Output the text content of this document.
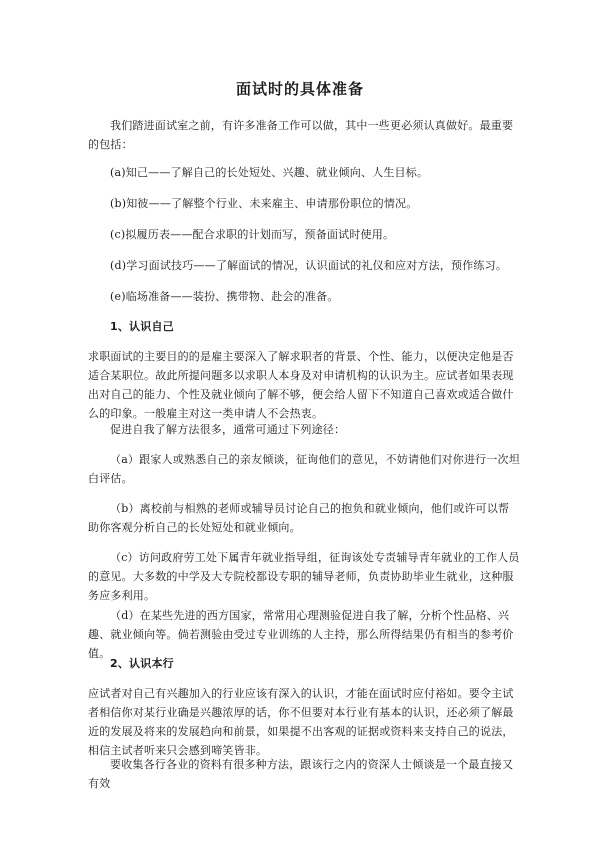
面试时的具体准备

我们踏进面试室之前，有许多准备工作可以做，其中一些更必须认真做好。最重要的包括：

(a)知己——了解自己的长处短处、兴趣、就业倾向、人生目标。

(b)知彼——了解整个行业、未来雇主、申请那份职位的情况。

(c)拟履历表——配合求职的计划而写，预备面试时使用。

(d)学习面试技巧——了解面试的情况，认识面试的礼仪和应对方法，预作练习。

(e)临场准备——装扮、携带物、赴会的准备。

1、认识自己

求职面试的主要目的的是雇主要深入了解求职者的背景、个性、能力，以便决定他是否适合某职位。故此所提问题多以求职人本身及对申请机构的认识为主。应试者如果表现出对自己的能力、个性及就业倾向了解不够，便会给人留下不知道自己喜欢或适合做什么的印象。一般雇主对这一类申请人不会热衷。

促进自我了解方法很多，通常可通过下列途径：

（a）跟家人或熟悉自己的亲友倾谈，征询他们的意见，不妨请他们对你进行一次坦白评估。

（b）离校前与相熟的老师或辅导员讨论自己的抱负和就业倾向，他们或许可以帮助你客观分析自己的长处短处和就业倾向。

（c）访问政府劳工处下属青年就业指导组，征询该处专责辅导青年就业的工作人员的意见。大多数的中学及大专院校都设专职的辅导老师，负责协助毕业生就业，这种服务应多利用。

（d）在某些先进的西方国家，常常用心理测验促进自我了解，分析个性品格、兴趣、就业倾向等。倘若测验由受过专业训练的人主持，那么所得结果仍有相当的参考价值。

2、认识本行

应试者对自己有兴趣加入的行业应该有深入的认识，才能在面试时应付裕如。要令主试者相信你对某行业确是兴趣浓厚的话，你不但要对本行业有基本的认识，还必须了解最近的发展及将来的发展趋向和前景，如果提不出客观的证据或资料来支持自己的说法，相信主试者听来只会感到啼笑皆非。

要收集各行各业的资料有很多种方法，跟该行之内的资深人士倾谈是一个最直接又有效
